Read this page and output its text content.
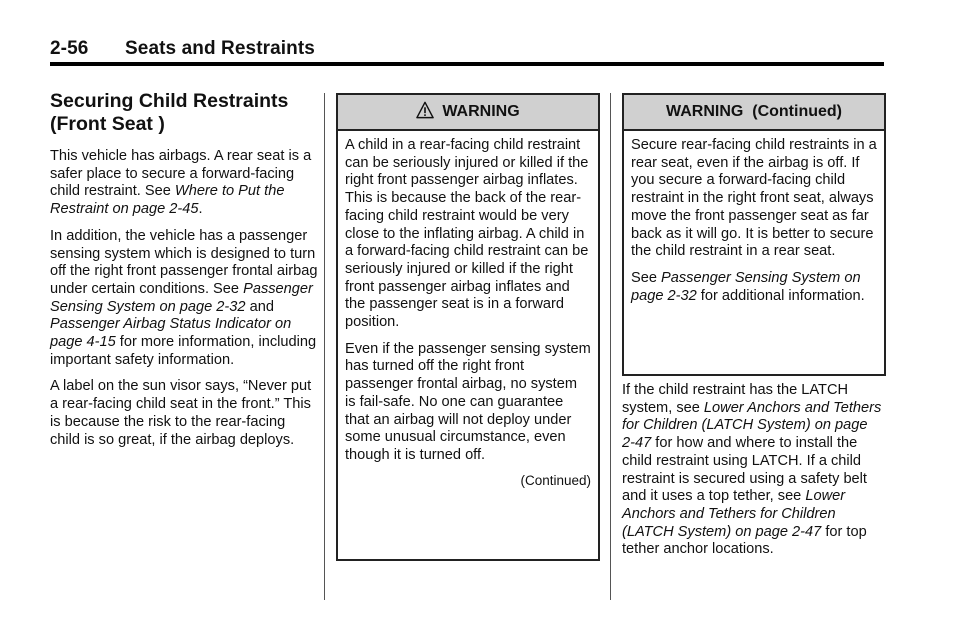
2-56 Seats and Restraints
Securing Child Restraints
(Front Seat )

This vehicle has airbags. A rear seat is a safer place to secure a forward-facing child restraint. See Where to Put the Restraint on page 2-45.

In addition, the vehicle has a passenger sensing system which is designed to turn off the right front passenger frontal airbag under certain conditions. See Passenger Sensing System on page 2-32 and Passenger Airbag Status Indicator on page 4-15 for more information, including important safety information.

A label on the sun visor says, “Never put a rear-facing child seat in the front.” This is because the risk to the rear-facing child is so great, if the airbag deploys.

WARNING

A child in a rear-facing child restraint can be seriously injured or killed if the right front passenger airbag inflates. This is because the back of the rear-facing child restraint would be very close to the inflating airbag. A child in a forward-facing child restraint can be seriously injured or killed if the right front passenger airbag inflates and the passenger seat is in a forward position.

Even if the passenger sensing system has turned off the right front passenger frontal airbag, no system is fail-safe. No one can guarantee that an airbag will not deploy under some unusual circumstance, even though it is turned off.

(Continued)
WARNING  (Continued)

Secure rear-facing child restraints in a rear seat, even if the airbag is off. If you secure a forward-facing child restraint in the right front seat, always move the front passenger seat as far back as it will go. It is better to secure the child restraint in a rear seat.

See Passenger Sensing System on page 2-32 for additional information.

If the child restraint has the LATCH system, see Lower Anchors and Tethers for Children (LATCH System) on page 2-47 for how and where to install the child restraint using LATCH. If a child restraint is secured using a safety belt and it uses a top tether, see Lower Anchors and Tethers for Children (LATCH System) on page 2-47 for top tether anchor locations.
